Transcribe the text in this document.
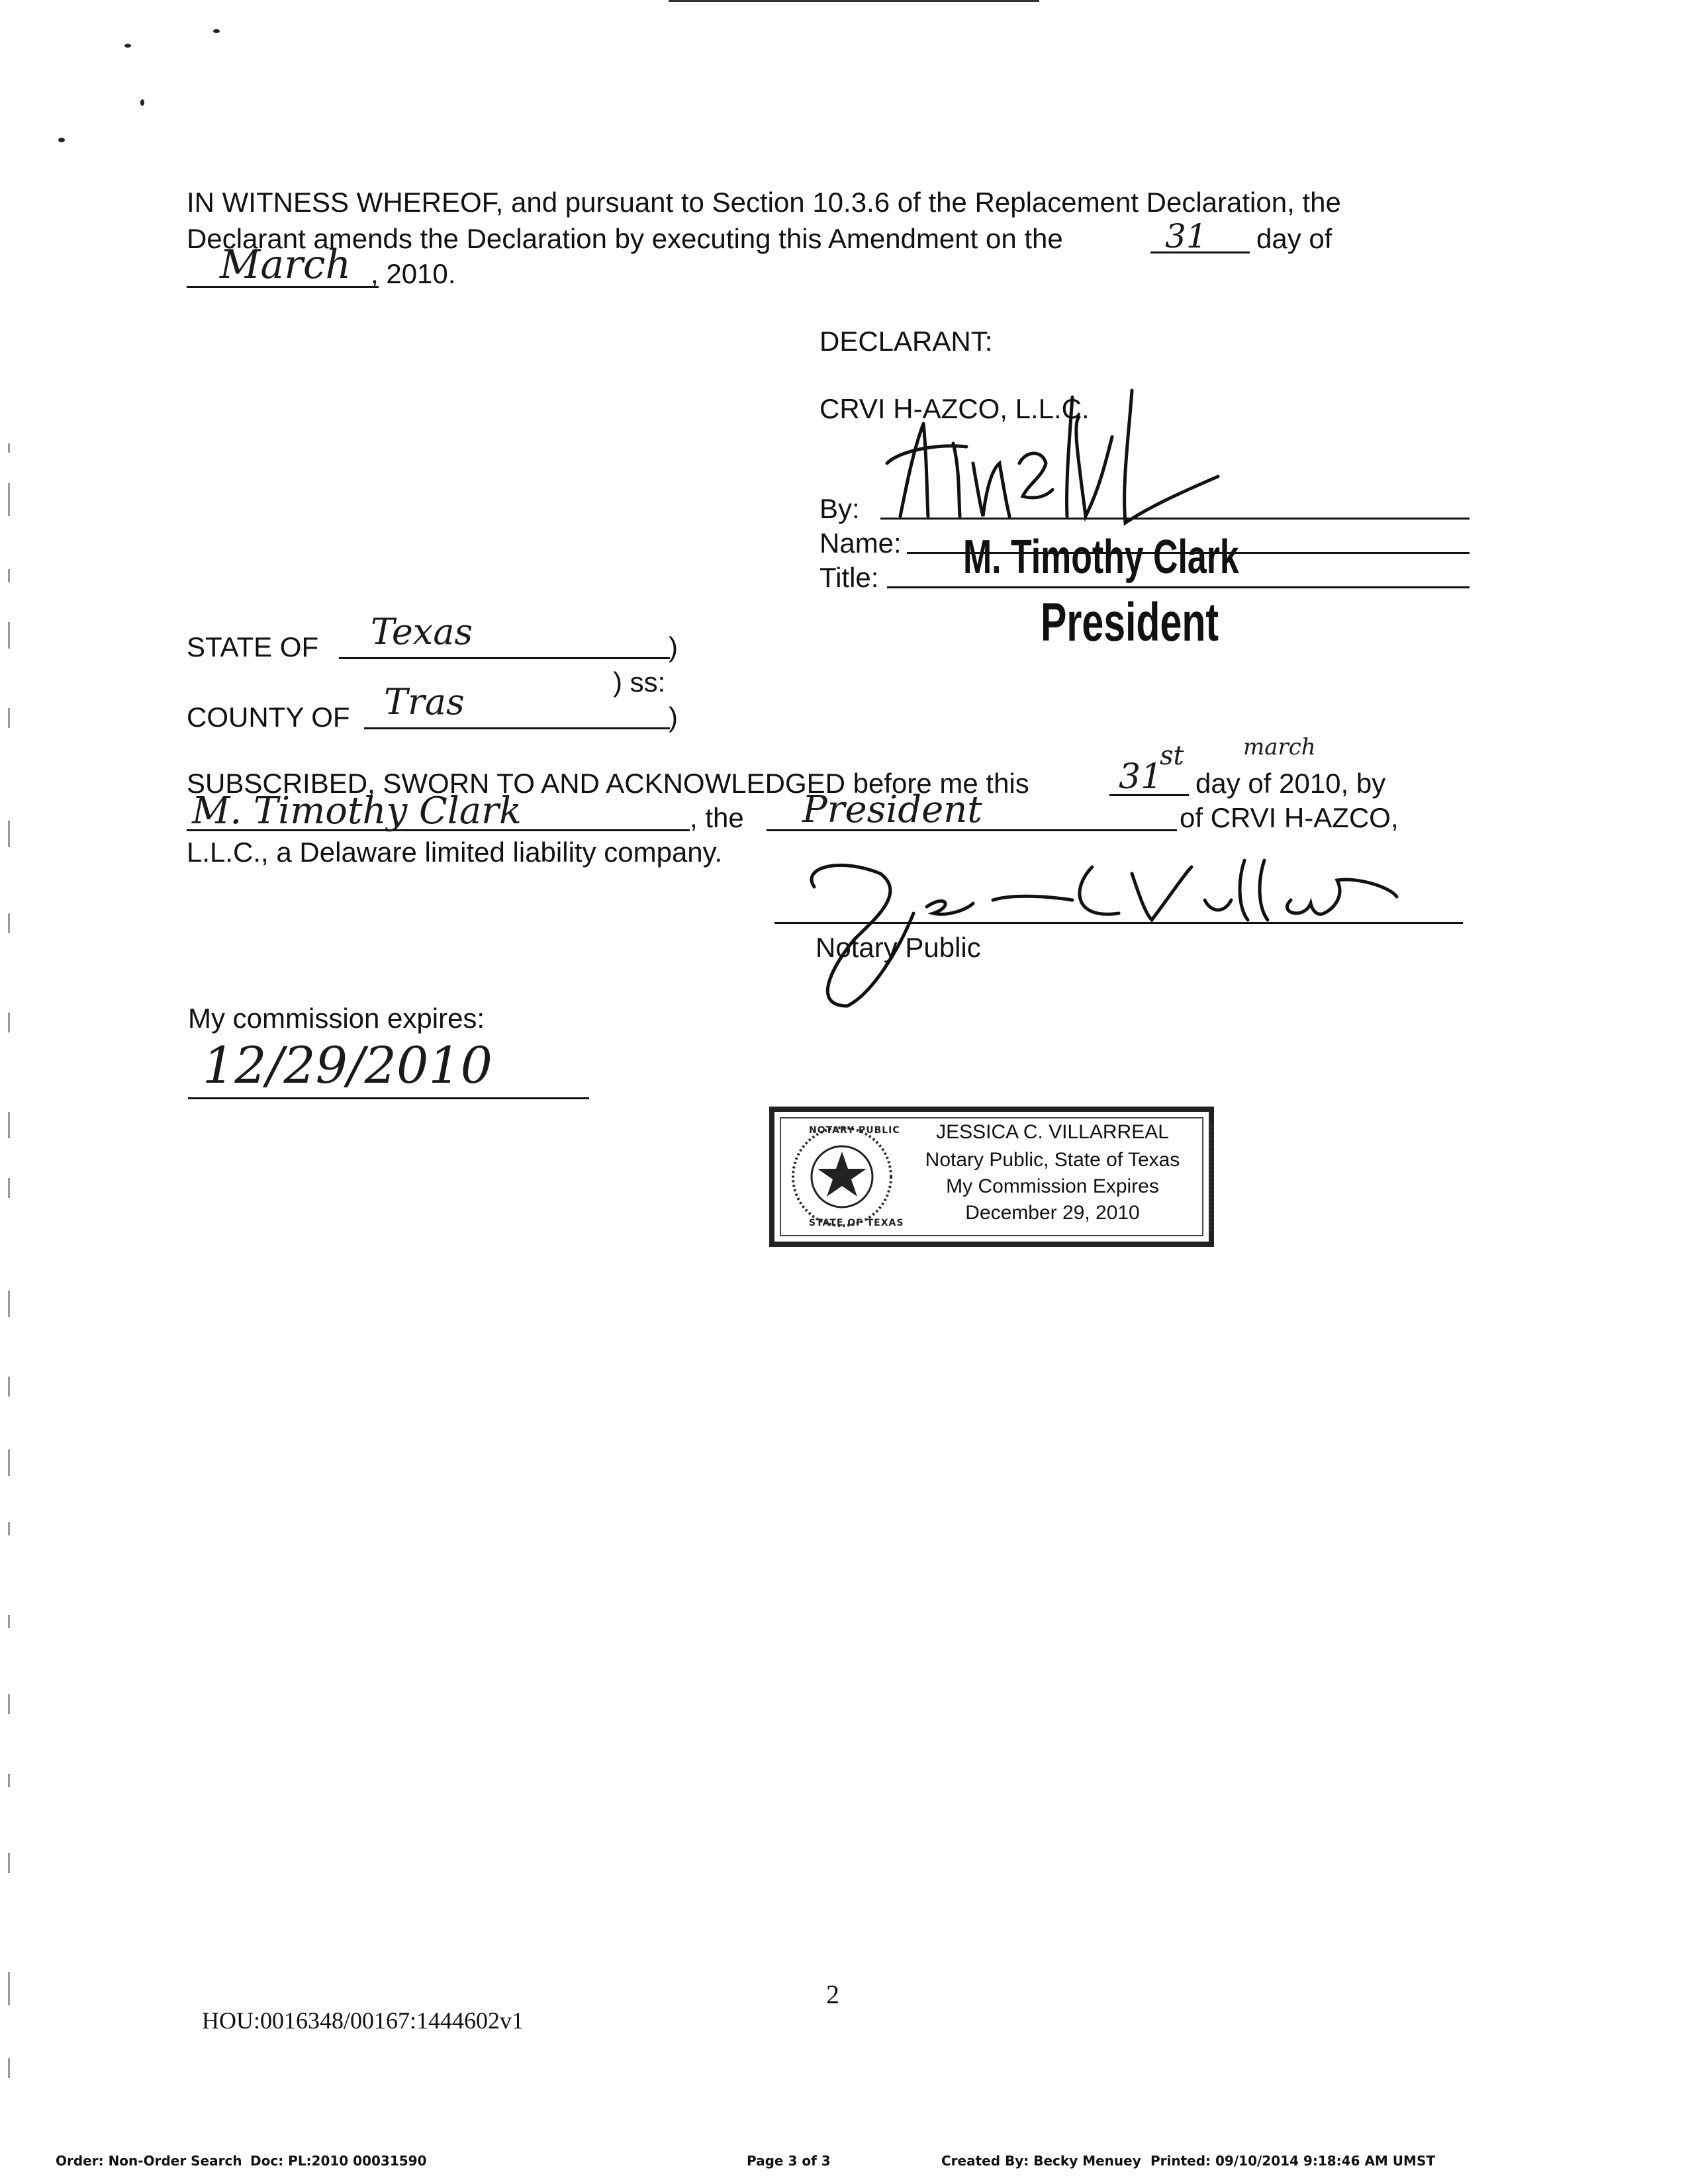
IN WITNESS WHEREOF, and pursuant to Section 10.3.6 of the Replacement Declaration, the
Declarant amends the Declaration by executing this Amendment on the	31 day of
March , 2010.
DECLARANT:
CRVI H-AZCO, L.L.C.
By:
Name:
Title: M. Timothy Clark
President
STATE OF Texas	)
) ss:
COUNTY OF Tras	)
SUBSCRIBED, SWORN TO AND ACKNOWLEDGED before me this	31
st	march
day of 2010, by
M. Timothy Clark	, the President	of CRVI H-AZCO,
L.L.C., a Delaware limited liability company.
Notary Public
My commission expires:
12/29/2010
NOTARY PUBLIC
STATE OF TEXAS
JESSICA C. VILLARREAL
Notary Public, State of Texas
My Commission Expires
December 29, 2010
2
HOU:0016348/00167:1444602v1
Order: Non-Order Search Doc: PL:2010 00031590	Page 3 of 3	Created By: Becky Menuey Printed: 09/10/2014 9:18:46 AM UMST
